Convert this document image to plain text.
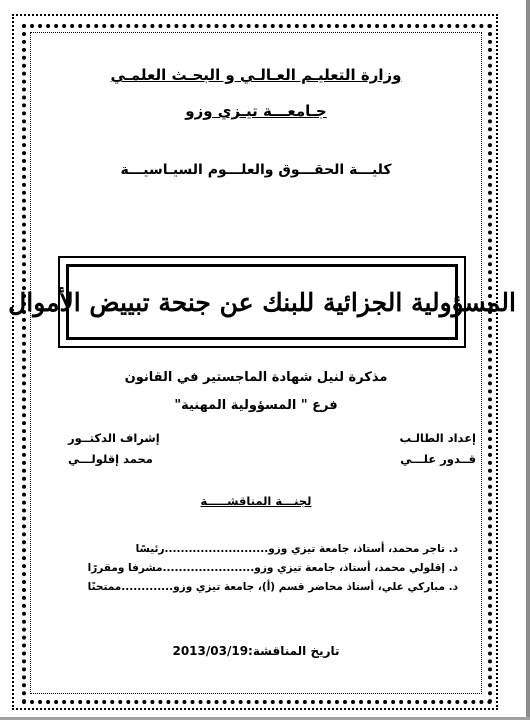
وزارة التعليـم العـالـي و البحـث العلمـي
جـامعـــة تيـزي وزو
كليـــة الحقـــوق والعلـــوم السيـاسيـــة
المسؤولية الجزائية للبنك عن جنحة تبييض الأموال
مذكرة لنيل شهادة الماجستير في القانون
فرع " المسؤولية المهنية"
إعداد الطالـب
إشراف الدكتــور
قــدور علـــي
محمد إقلولـــي
لجنـــة المناقشـــــة
د. تاجر محمد، أستاذ، جامعة تيزي وزو..........................رئيسًا
د. إقلولي محمد، أستاذ، جامعة تيزي وزو.......................مشرفا ومقررًا
د. مباركي علي، أستاذ محاضر قسم (أ)، جامعة تيزي وزو.............ممتحنًا
تاريخ المناقشة:2013/03/19
